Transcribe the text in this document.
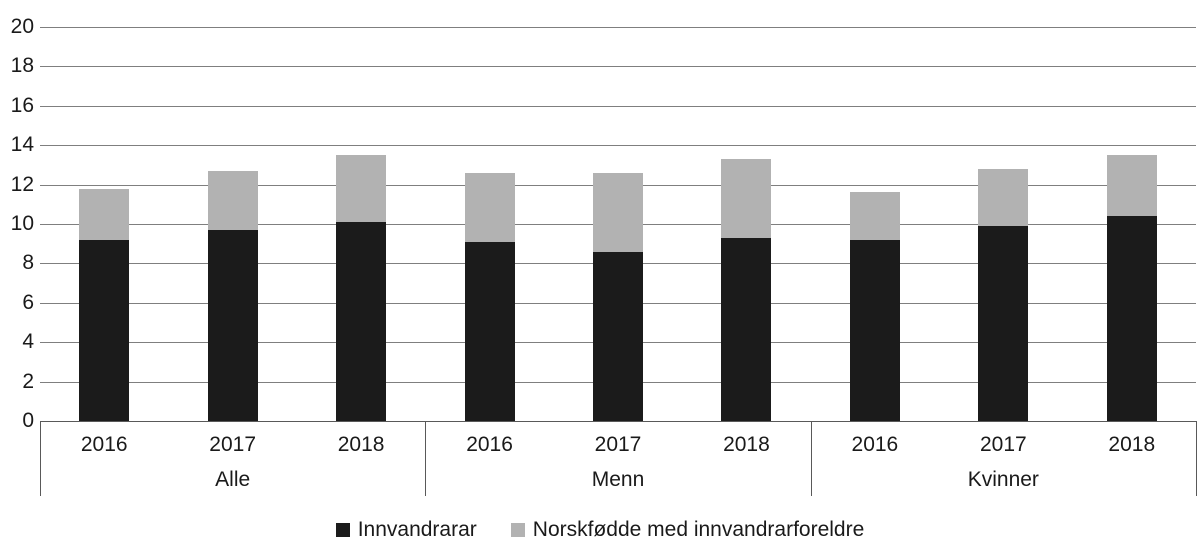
0
2
4
6
8
10
12
14
16
18
20
2016	2017	2018
Alle
2016	2017	2018
Menn
2016	2017	2018
Kvinner
Innvandrarar	Norskfødde med innvandrarforeldre
